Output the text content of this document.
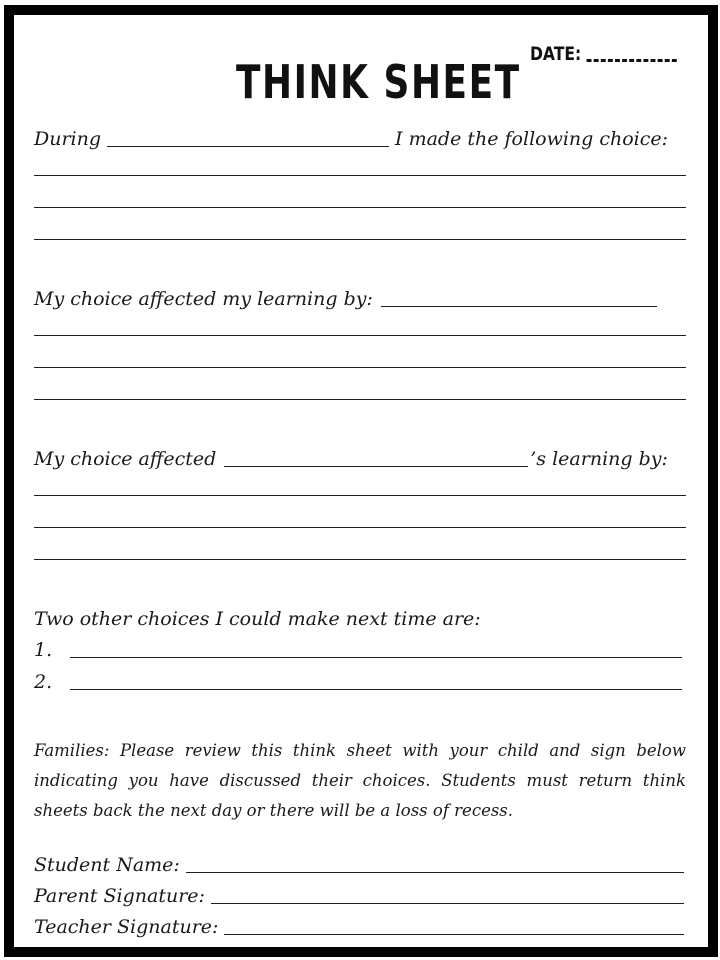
THINK SHEET
DATE:
During	I made the following choice:
My choice affected my learning by:
My choice affected	’s learning by:
Two other choices I could make next time are:
1.
2.

Families: Please review this think sheet with your child and sign below indicating you have discussed their choices. Students must return think sheets back the next day or there will be a loss of recess.

Student Name:
Parent Signature:
Teacher Signature:
